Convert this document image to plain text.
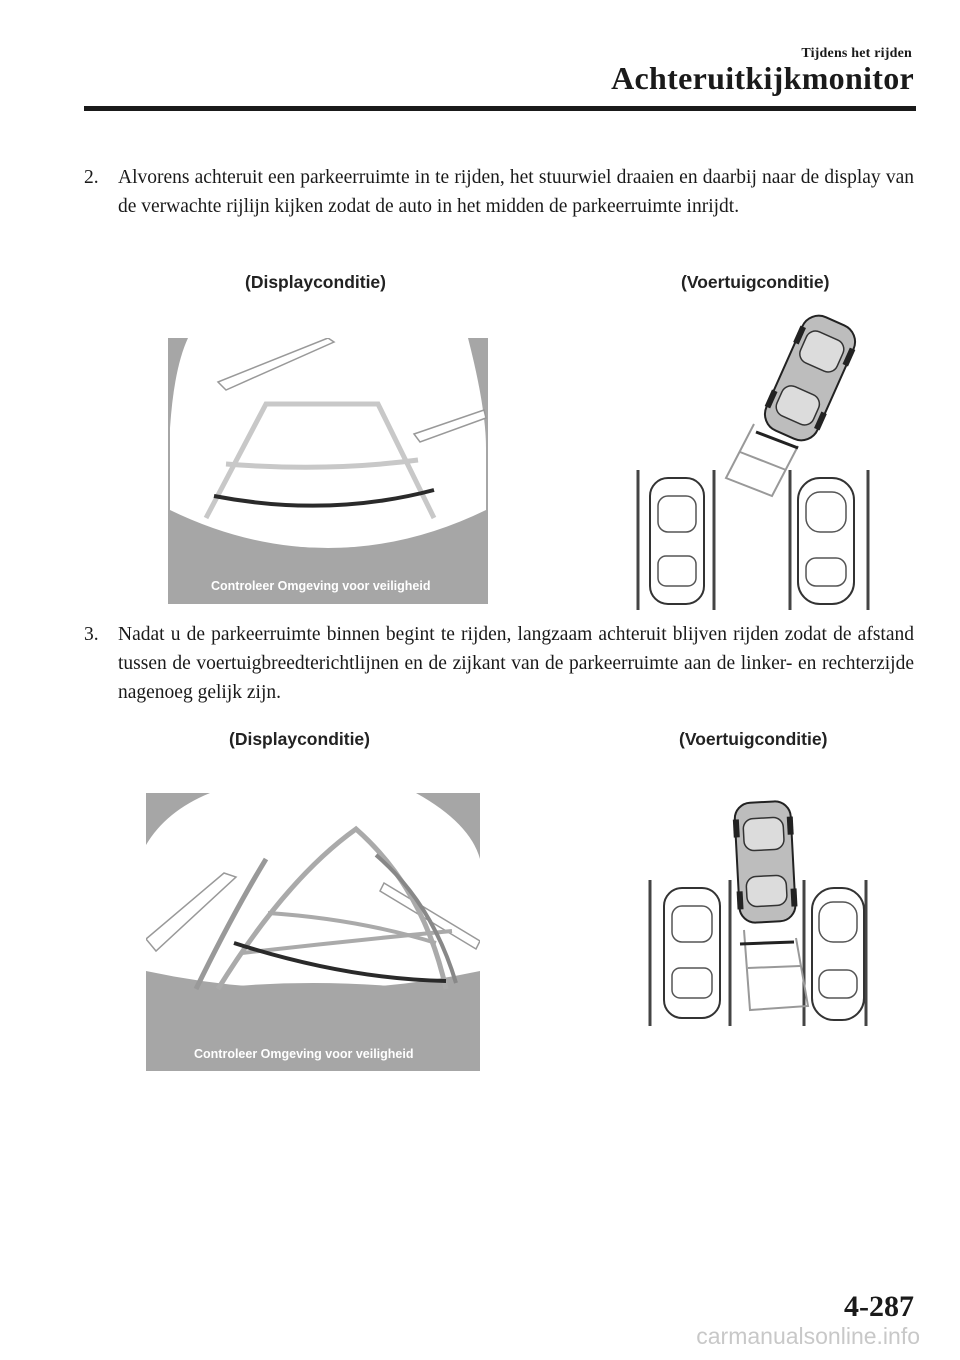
Tijdens het rijden
Achteruitkijkmonitor
2. Alvorens achteruit een parkeerruimte in te rijden, het stuurwiel draaien en daarbij naar de display van de verwachte rijlijn kijken zodat de auto in het midden de parkeerruimte inrijdt.
(Displayconditie)	(Voertuigconditie)
Controleer Omgeving voor veiligheid
3. Nadat u de parkeerruimte binnen begint te rijden, langzaam achteruit blijven rijden zodat de afstand tussen de voertuigbreedterichtlijnen en de zijkant van de parkeerruimte aan de linker- en rechterzijde nagenoeg gelijk zijn.
(Displayconditie)	(Voertuigconditie)
Controleer Omgeving voor veiligheid
4-287
carmanualsonline.info
